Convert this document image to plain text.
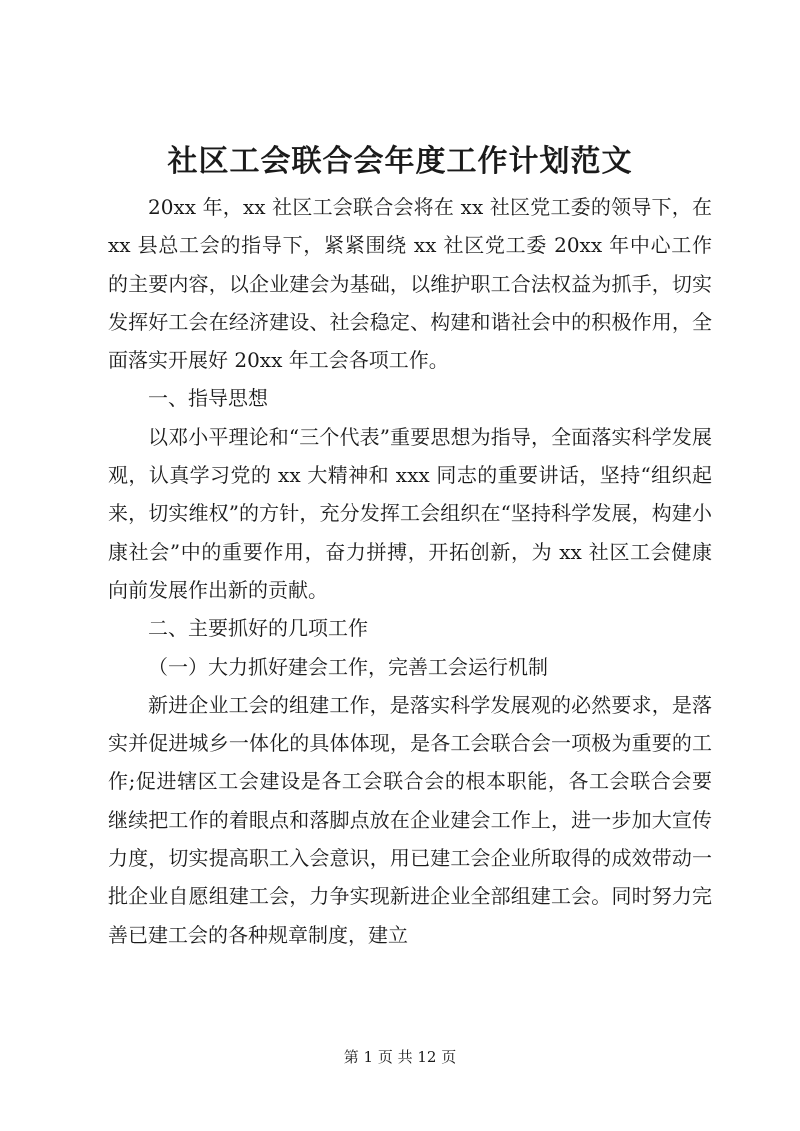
社区工会联合会年度工作计划范文

20xx 年，xx 社区工会联合会将在 xx 社区党工委的领导下，在 xx 县总工会的指导下，紧紧围绕 xx 社区党工委 20xx 年中心工作的主要内容，以企业建会为基础，以维护职工合法权益为抓手，切实发挥好工会在经济建设、社会稳定、构建和谐社会中的积极作用，全面落实开展好 20xx 年工会各项工作。

一、指导思想

以邓小平理论和“三个代表”重要思想为指导，全面落实科学发展观，认真学习党的 xx 大精神和 xxx 同志的重要讲话，坚持“组织起来，切实维权”的方针，充分发挥工会组织在“坚持科学发展，构建小康社会”中的重要作用，奋力拼搏，开拓创新，为 xx 社区工会健康向前发展作出新的贡献。

二、主要抓好的几项工作

（一）大力抓好建会工作，完善工会运行机制

新进企业工会的组建工作，是落实科学发展观的必然要求，是落实并促进城乡一体化的具体体现，是各工会联合会一项极为重要的工作;促进辖区工会建设是各工会联合会的根本职能，各工会联合会要继续把工作的着眼点和落脚点放在企业建会工作上，进一步加大宣传力度，切实提高职工入会意识，用已建工会企业所取得的成效带动一批企业自愿组建工会，力争实现新进企业全部组建工会。同时努力完善已建工会的各种规章制度，建立

第 1 页 共 12 页
